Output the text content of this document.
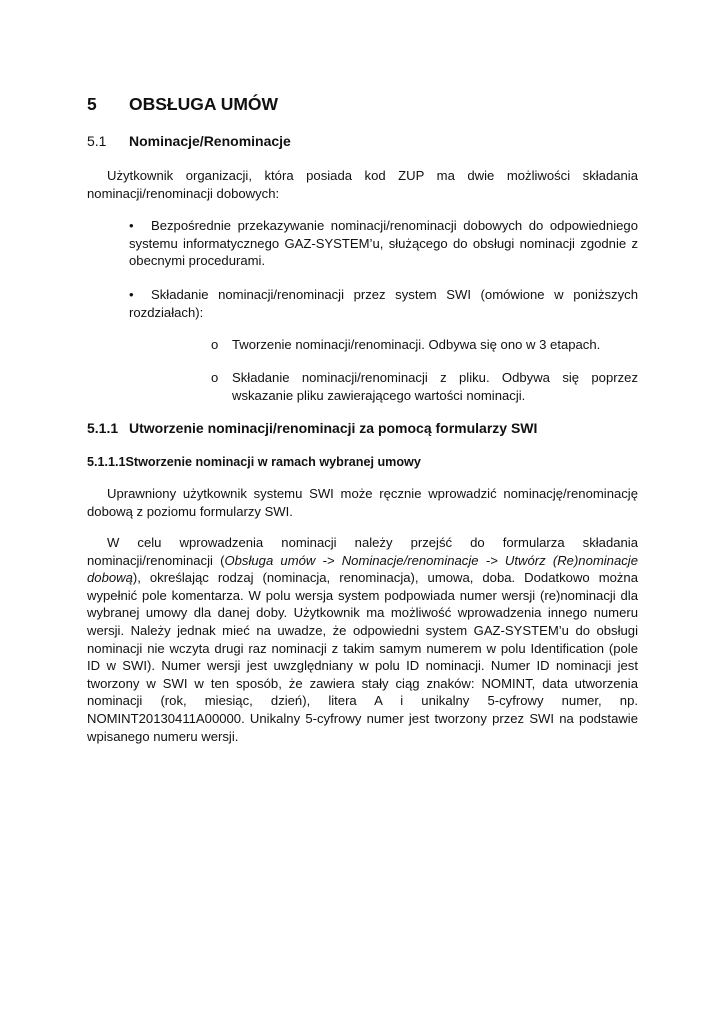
5 OBSŁUGA UMÓW
5.1 Nominacje/Renominacje

Użytkownik organizacji, która posiada kod ZUP ma dwie możliwości składania nominacji/renominacji dobowych:

• Bezpośrednie przekazywanie nominacji/renominacji dobowych do odpowiedniego systemu informatycznego GAZ-SYSTEM’u, służącego do obsługi nominacji zgodnie z obecnymi procedurami.

• Składanie nominacji/renominacji przez system SWI (omówione w poniższych rozdziałach):

o Tworzenie nominacji/renominacji. Odbywa się ono w 3 etapach.

o Składanie nominacji/renominacji z pliku. Odbywa się poprzez wskazanie pliku zawierającego wartości nominacji.

5.1.1 Utworzenie nominacji/renominacji za pomocą formularzy SWI
5.1.1.1Stworzenie nominacji w ramach wybranej umowy

Uprawniony użytkownik systemu SWI może ręcznie wprowadzić nominację/renominację dobową z poziomu formularzy SWI.

W celu wprowadzenia nominacji należy przejść do formularza składania nominacji/renominacji (Obsługa umów -> Nominacje/renominacje -> Utwórz (Re)nominacje dobową), określając rodzaj (nominacja, renominacja), umowa, doba. Dodatkowo można wypełnić pole komentarza. W polu wersja system podpowiada numer wersji (re)nominacji dla wybranej umowy dla danej doby. Użytkownik ma możliwość wprowadzenia innego numeru wersji. Należy jednak mieć na uwadze, że odpowiedni system GAZ-SYSTEM’u do obsługi nominacji nie wczyta drugi raz nominacji z takim samym numerem w polu Identification (pole ID w SWI). Numer wersji jest uwzględniany w polu ID nominacji. Numer ID nominacji jest tworzony w SWI w ten sposób, że zawiera stały ciąg znaków: NOMINT, data utworzenia nominacji (rok, miesiąc, dzień), litera A i unikalny 5-cyfrowy numer, np. NOMINT20130411A00000. Unikalny 5-cyfrowy numer jest tworzony przez SWI na podstawie wpisanego numeru wersji.
